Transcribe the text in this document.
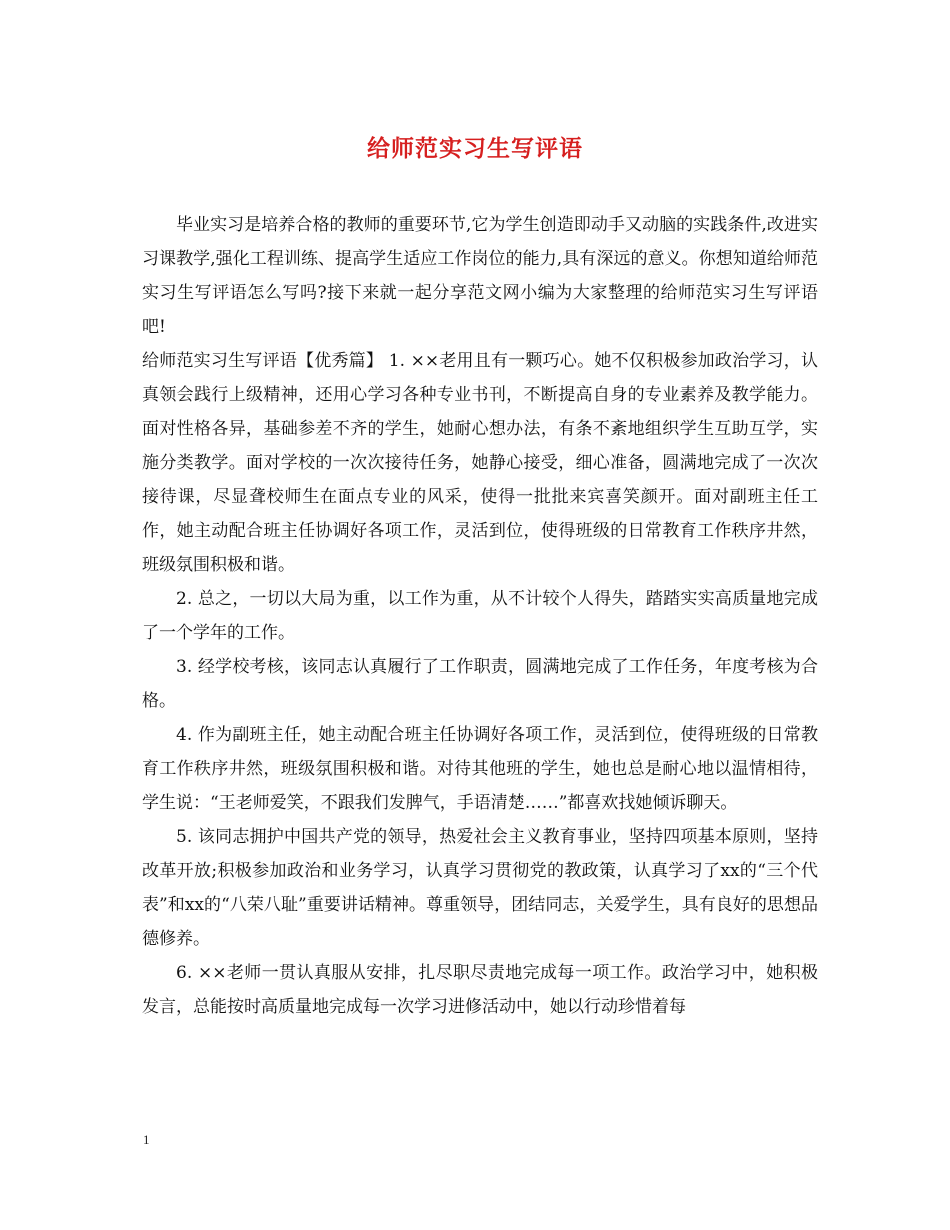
给师范实习生写评语

毕业实习是培养合格的教师的重要环节,它为学生创造即动手又动脑的实践条件,改进实习课教学,强化工程训练、提高学生适应工作岗位的能力,具有深远的意义。你想知道给师范实习生写评语怎么写吗?接下来就一起分享范文网小编为大家整理的给师范实习生写评语吧!

给师范实习生写评语【优秀篇】 1. ××老用且有一颗巧心。她不仅积极参加政治学习，认真领会践行上级精神，还用心学习各种专业书刊，不断提高自身的专业素养及教学能力。面对性格各异，基础参差不齐的学生，她耐心想办法，有条不紊地组织学生互助互学，实施分类教学。面对学校的一次次接待任务，她静心接受，细心准备，圆满地完成了一次次接待课，尽显聋校师生在面点专业的风采，使得一批批来宾喜笑颜开。面对副班主任工作，她主动配合班主任协调好各项工作，灵活到位，使得班级的日常教育工作秩序井然，班级氛围积极和谐。

2. 总之，一切以大局为重，以工作为重，从不计较个人得失，踏踏实实高质量地完成了一个学年的工作。

3. 经学校考核，该同志认真履行了工作职责，圆满地完成了工作任务，年度考核为合格。

4. 作为副班主任，她主动配合班主任协调好各项工作，灵活到位，使得班级的日常教育工作秩序井然，班级氛围积极和谐。对待其他班的学生，她也总是耐心地以温情相待，学生说：“王老师爱笑，不跟我们发脾气，手语清楚……”都喜欢找她倾诉聊天。

5. 该同志拥护中国共产党的领导，热爱社会主义教育事业，坚持四项基本原则，坚持改革开放;积极参加政治和业务学习，认真学习贯彻党的教政策，认真学习了xx的“三个代表”和xx的“八荣八耻”重要讲话精神。尊重领导，团结同志，关爱学生，具有良好的思想品德修养。

6. ××老师一贯认真服从安排，扎尽职尽责地完成每一项工作。政治学习中，她积极发言，总能按时高质量地完成每一次学习进修活动中，她以行动珍惜着每

1
